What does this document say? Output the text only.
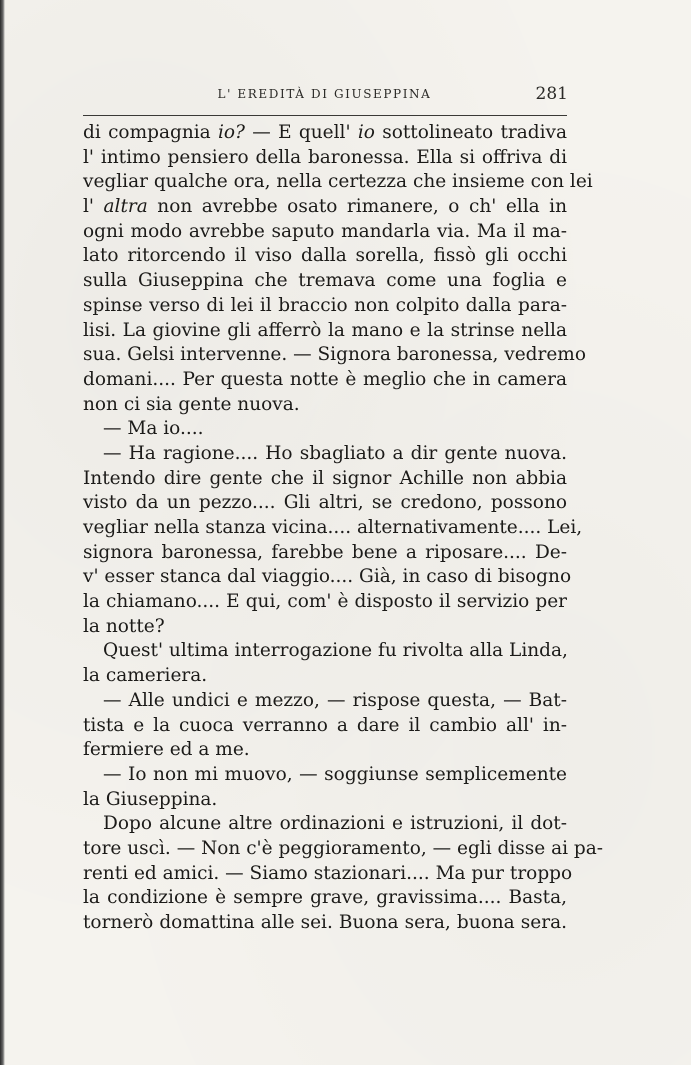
L' EREDITÀ DI GIUSEPPINA	281
di compagnia io? — E quell' io sottolineato tradiva
l' intimo pensiero della baronessa. Ella si offriva di
vegliar qualche ora, nella certezza che insieme con lei
l' altra non avrebbe osato rimanere, o ch' ella in
ogni modo avrebbe saputo mandarla via. Ma il ma-
lato ritorcendo il viso dalla sorella, fissò gli occhi
sulla Giuseppina che tremava come una foglia e
spinse verso di lei il braccio non colpito dalla para-
lisi. La giovine gli afferrò la mano e la strinse nella
sua. Gelsi intervenne. — Signora baronessa, vedremo
domani.... Per questa notte è meglio che in camera
non ci sia gente nuova.
— Ma io....
— Ha ragione.... Ho sbagliato a dir gente nuova.
Intendo dire gente che il signor Achille non abbia
visto da un pezzo.... Gli altri, se credono, possono
vegliar nella stanza vicina.... alternativamente.... Lei,
signora baronessa, farebbe bene a riposare.... De-
v' esser stanca dal viaggio.... Già, in caso di bisogno
la chiamano.... E qui, com' è disposto il servizio per
la notte?
Quest' ultima interrogazione fu rivolta alla Linda,
la cameriera.
— Alle undici e mezzo, — rispose questa, — Bat-
tista e la cuoca verranno a dare il cambio all' in-
fermiere ed a me.
— Io non mi muovo, — soggiunse semplicemente
la Giuseppina.
Dopo alcune altre ordinazioni e istruzioni, il dot-
tore uscì. — Non c'è peggioramento, — egli disse ai pa-
renti ed amici. — Siamo stazionari.... Ma pur troppo
la condizione è sempre grave, gravissima.... Basta,
tornerò domattina alle sei. Buona sera, buona sera.
